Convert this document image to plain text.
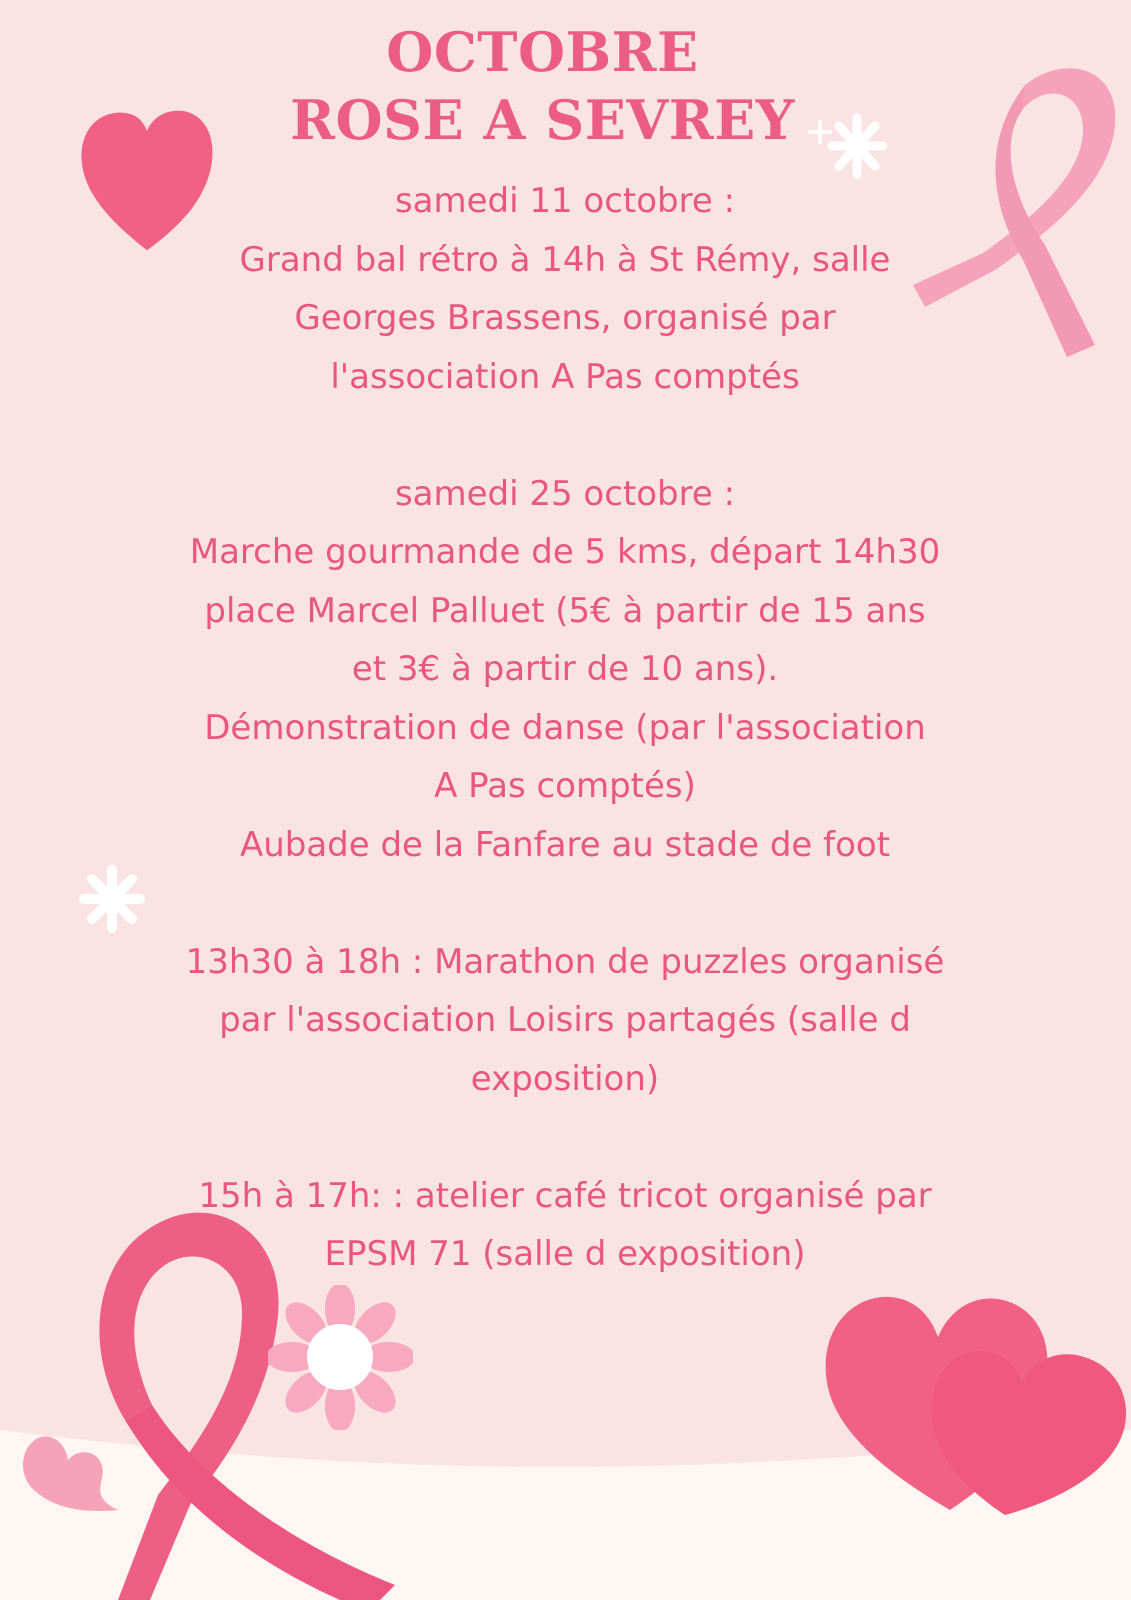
OCTOBRE
ROSE A SEVREY
samedi 11 octobre :
Grand bal rétro à 14h à St Rémy, salle
Georges Brassens, organisé par
l'association A Pas comptés
samedi 25 octobre :
Marche gourmande de 5 kms, départ 14h30
place Marcel Palluet (5€ à partir de 15 ans
et 3€ à partir de 10 ans).
Démonstration de danse (par l'association
A Pas comptés)
Aubade de la Fanfare au stade de foot
13h30 à 18h : Marathon de puzzles organisé
par l'association Loisirs partagés (salle d
exposition)
15h à 17h: : atelier café tricot organisé par
EPSM 71 (salle d exposition)
